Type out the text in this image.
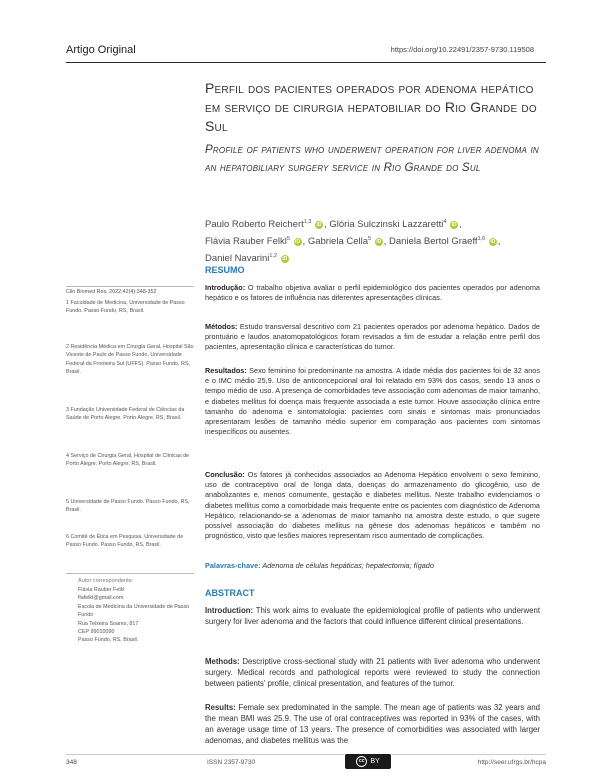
Artigo Original	https://doi.org/10.22491/2357-9730.119508
Perfil dos pacientes operados por adenoma hepático em serviço de cirurgia hepatobiliar do Rio Grande do Sul
Profile of patients who underwent operation for liver adenoma in an hepatobiliary surgery service in Rio Grande do Sul
Paulo Roberto Reichert$^{1,3}$ iD , Glória Sulczinski Lazzaretti$^4$ iD ,
Flávia Rauber Felkl$^5$ iD , Gabriela Cella$^5$ iD , Daniela Bertol Graeff$^{1,6}$ iD ,
Daniel Navarini$^{1,2}$ iD
RESUMO
Introdução: O trabalho objetiva avaliar o perfil epidemiológico dos pacientes operados por adenoma hepático e os fatores de influência nas diferentes apresentações clínicas.
Métodos: Estudo transversal descritivo com 21 pacientes operados por adenoma hepático. Dados de prontuário e laudos anatomopatológicos foram revisados a fim de estudar a relação entre perfil dos pacientes, apresentação clínica e características do tumor.
Resultados: Sexo feminino foi predominante na amostra. A idade média dos pacientes foi de 32 anos e o IMC médio 25,9. Uso de anticoncepcional oral foi relatado em 93% dos casos, sendo 13 anos o tempo médio de uso. A presença de comorbidades teve associação com adenomas de maior tamanho, e diabetes mellitus foi doença mais frequente associada a este tumor. Houve associação clínica entre tamanho do adenoma e sintomatologia: pacientes com sinais e sintomas mais pronunciados apresentaram lesões de tamanho médio superior em comparação aos pacientes com sintomas inespecíficos ou ausentes.
Conclusão: Os fatores já conhecidos associados ao Adenoma Hepático envolvem o sexo feminino, uso de contraceptivo oral de longa data, doenças do armazenamento do glicogênio, uso de anabolizantes e, menos comumente, gestação e diabetes mellitus. Neste trabalho evidenciamos o diabetes mellitus como a comorbidade mais frequente entre os pacientes com diagnóstico de Adenoma Hepático, relacionando-se a adenomas de maior tamanho na amostra deste estudo, o que sugere possível associação do diabetes mellitus na gênese dos adenomas hepáticos e também no prognóstico, visto que lesões maiores representam risco aumentado de complicações.
Palavras-chave: Adenoma de células hepáticas; hepatectomia; fígado
ABSTRACT
Introduction: This work aims to evaluate the epidemiological profile of patients who underwent surgery for liver adenoma and the factors that could influence different clinical presentations.
Methods: Descriptive cross-sectional study with 21 patients with liver adenoma who underwent surgery. Medical records and pathological reports were reviewed to study the connection between patients' profile, clinical presentation, and features of the tumor.
Results: Female sex predominated in the sample. The mean age of patients was 32 years and the mean BMI was 25.9. The use of oral contraceptives was reported in 93% of the cases, with an average usage time of 13 years. The presence of comorbidities was associated with larger adenomas, and diabetes mellitus was the
Clin Biomed Res. 2022;42(4):348-352
1 Faculdade de Medicina, Universidade de Passo Fundo. Passo Fundo, RS, Brasil.
2 Residência Médica em Cirurgia Geral, Hospital São Vicente de Paulo de Passo Fundo, Universidade Federal da Fronteira Sul (UFFS). Passo Fundo, RS, Brasil.
3 Fundação Universidade Federal de Ciências da Saúde de Porto Alegre. Porto Alegre, RS, Brasil.
4 Serviço de Cirurgia Geral, Hospital de Clínicas de Porto Alegre. Porto Alegre, RS, Brasil.
5 Universidade de Passo Fundo. Passo Fundo, RS, Brasil.
6 Comitê de Ética em Pesquisa, Universidade de Passo Fundo. Passo Fundo, RS, Brasil.
Autor correspondente:
Flávia Rauber Felkl
flafelkl@gmail.com
Escola de Medicina da Universidade de Passo Fundo
Rua Teixeira Soares, 817
CEP 99010090
Passo Fundo, RS, Brasil.
348	ISSN 2357-9730	cc BY	http://seer.ufrgs.br/hcpa
